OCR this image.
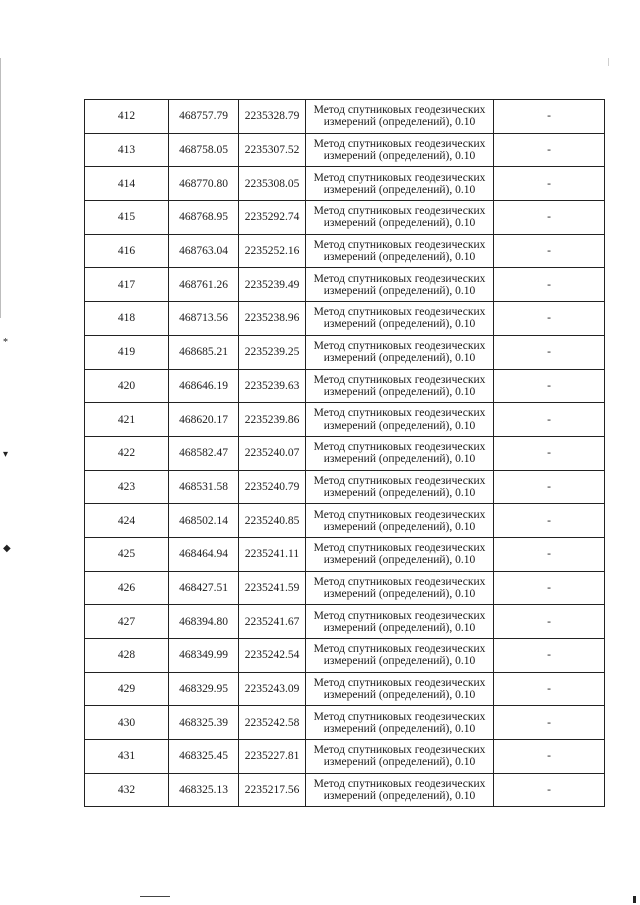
*
▾
◆
412	468757.79	2235328.79	Метод спутниковых геодезических
измерений (определений), 0.10	-
413	468758.05	2235307.52	Метод спутниковых геодезических
измерений (определений), 0.10	-
414	468770.80	2235308.05	Метод спутниковых геодезических
измерений (определений), 0.10	-
415	468768.95	2235292.74	Метод спутниковых геодезических
измерений (определений), 0.10	-
416	468763.04	2235252.16	Метод спутниковых геодезических
измерений (определений), 0.10	-
417	468761.26	2235239.49	Метод спутниковых геодезических
измерений (определений), 0.10	-
418	468713.56	2235238.96	Метод спутниковых геодезических
измерений (определений), 0.10	-
419	468685.21	2235239.25	Метод спутниковых геодезических
измерений (определений), 0.10	-
420	468646.19	2235239.63	Метод спутниковых геодезических
измерений (определений), 0.10	-
421	468620.17	2235239.86	Метод спутниковых геодезических
измерений (определений), 0.10	-
422	468582.47	2235240.07	Метод спутниковых геодезических
измерений (определений), 0.10	-
423	468531.58	2235240.79	Метод спутниковых геодезических
измерений (определений), 0.10	-
424	468502.14	2235240.85	Метод спутниковых геодезических
измерений (определений), 0.10	-
425	468464.94	2235241.11	Метод спутниковых геодезических
измерений (определений), 0.10	-
426	468427.51	2235241.59	Метод спутниковых геодезических
измерений (определений), 0.10	-
427	468394.80	2235241.67	Метод спутниковых геодезических
измерений (определений), 0.10	-
428	468349.99	2235242.54	Метод спутниковых геодезических
измерений (определений), 0.10	-
429	468329.95	2235243.09	Метод спутниковых геодезических
измерений (определений), 0.10	-
430	468325.39	2235242.58	Метод спутниковых геодезических
измерений (определений), 0.10	-
431	468325.45	2235227.81	Метод спутниковых геодезических
измерений (определений), 0.10	-
432	468325.13	2235217.56	Метод спутниковых геодезических
измерений (определений), 0.10	-
